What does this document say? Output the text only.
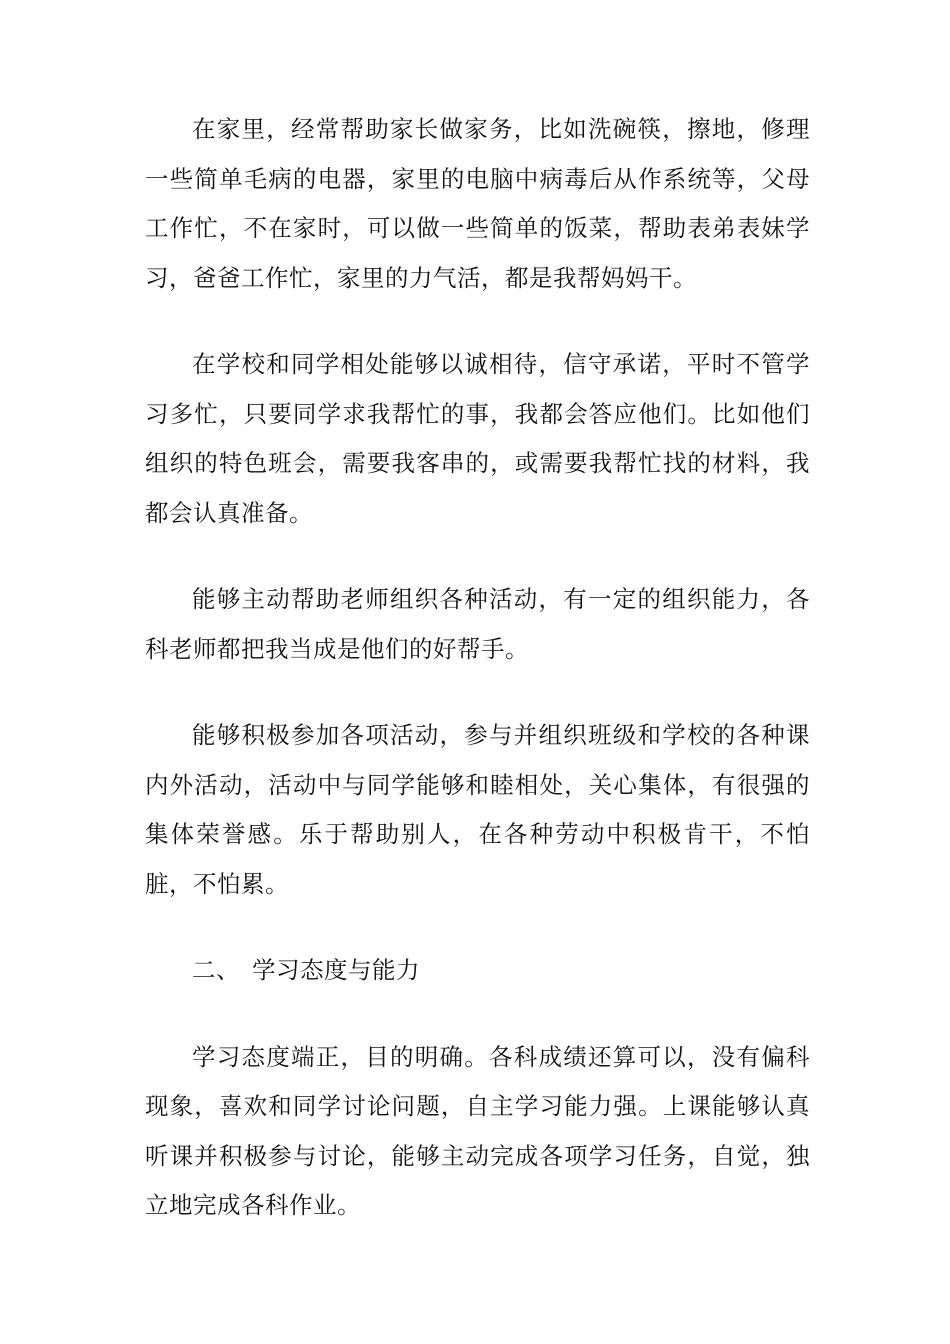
在家里，经常帮助家长做家务，比如洗碗筷，擦地，修理一些简单毛病的电器，家里的电脑中病毒后从作系统等，父母工作忙，不在家时，可以做一些简单的饭菜，帮助表弟表妹学习，爸爸工作忙，家里的力气活，都是我帮妈妈干。

在学校和同学相处能够以诚相待，信守承诺，平时不管学习多忙，只要同学求我帮忙的事，我都会答应他们。比如他们组织的特色班会，需要我客串的，或需要我帮忙找的材料，我都会认真准备。

能够主动帮助老师组织各种活动，有一定的组织能力，各科老师都把我当成是他们的好帮手。

能够积极参加各项活动，参与并组织班级和学校的各种课内外活动，活动中与同学能够和睦相处，关心集体，有很强的集体荣誉感。乐于帮助别人，在各种劳动中积极肯干，不怕脏，不怕累。

二、 学习态度与能力

学习态度端正，目的明确。各科成绩还算可以，没有偏科现象，喜欢和同学讨论问题，自主学习能力强。上课能够认真听课并积极参与讨论，能够主动完成各项学习任务，自觉，独立地完成各科作业。
